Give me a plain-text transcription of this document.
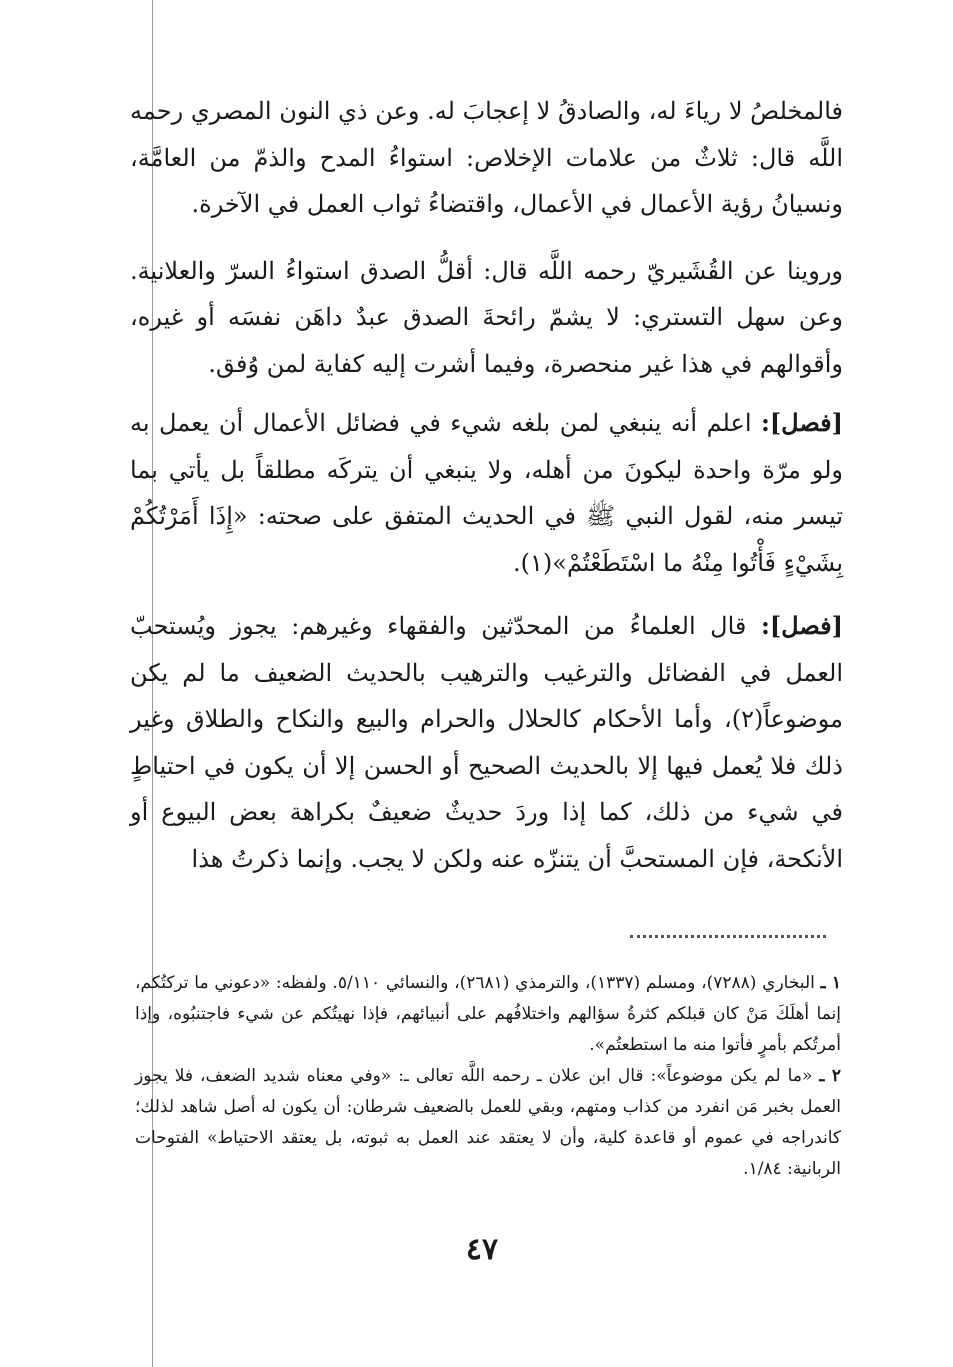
فالمخلصُ لا رياءَ له، والصادقُ لا إعجابَ له. وعن ذي النون المصري رحمه اللَّه قال: ثلاثٌ من علامات الإخلاص: استواءُ المدح والذمّ من العامَّة، ونسيانُ رؤية الأعمال في الأعمال، واقتضاءُ ثواب العمل في الآخرة.

وروينا عن القُشَيريّ رحمه اللَّه قال: أقلُّ الصدق استواءُ السرّ والعلانية. وعن سهل التستري: لا يشمّ رائحةَ الصدق عبدٌ داهَن نفسَه أو غيره، وأقوالهم في هذا غير منحصرة، وفيما أشرت إليه كفاية لمن وُفق.

[فصل]: اعلم أنه ينبغي لمن بلغه شيء في فضائل الأعمال أن يعمل به ولو مرّة واحدة ليكونَ من أهله، ولا ينبغي أن يتركَه مطلقاً بل يأتي بما تيسر منه، لقول النبي ﷺ في الحديث المتفق على صحته: «إِذَا أَمَرْتُكُمْ بِشَيْءٍ فَأْتُوا مِنْهُ ما اسْتَطَعْتُمْ»(١).

[فصل]: قال العلماءُ من المحدّثين والفقهاء وغيرهم: يجوز ويُستحبّ العمل في الفضائل والترغيب والترهيب بالحديث الضعيف ما لم يكن موضوعاً(٢)، وأما الأحكام كالحلال والحرام والبيع والنكاح والطلاق وغير ذلك فلا يُعمل فيها إلا بالحديث الصحيح أو الحسن إلا أن يكون في احتياطٍ في شيء من ذلك، كما إذا وردَ حديثٌ ضعيفٌ بكراهة بعض البيوع أو الأنكحة، فإن المستحبَّ أن يتنزّه عنه ولكن لا يجب. وإنما ذكرتُ هذا

١ ـ البخاري (٧٢٨٨)، ومسلم (١٣٣٧)، والترمذي (٢٦٨١)، والنسائي ٥/١١٠. ولفظه: «دعوني ما تركتُكم، إنما أهلَكَ مَنْ كان قبلكم كثرةُ سؤالهم واختلافُهم على أنبيائهم، فإذا نهيتُكم عن شيء فاجتنبُوه، وإذا أمرتُكم بأمرٍ فأتوا منه ما استطعتُم».

٢ ـ «ما لم يكن موضوعاً»: قال ابن علان ـ رحمه اللَّه تعالى ـ: «وفي معناه شديد الضعف، فلا يجوز العمل بخبر مَن انفرد من كذاب ومتهم، وبقي للعمل بالضعيف شرطان: أن يكون له أصل شاهد لذلك؛ كاندراجه في عموم أو قاعدة كلية، وأن لا يعتقد عند العمل به ثبوته، بل يعتقد الاحتياط» الفتوحات الربانية: ١/٨٤.

٤٧
